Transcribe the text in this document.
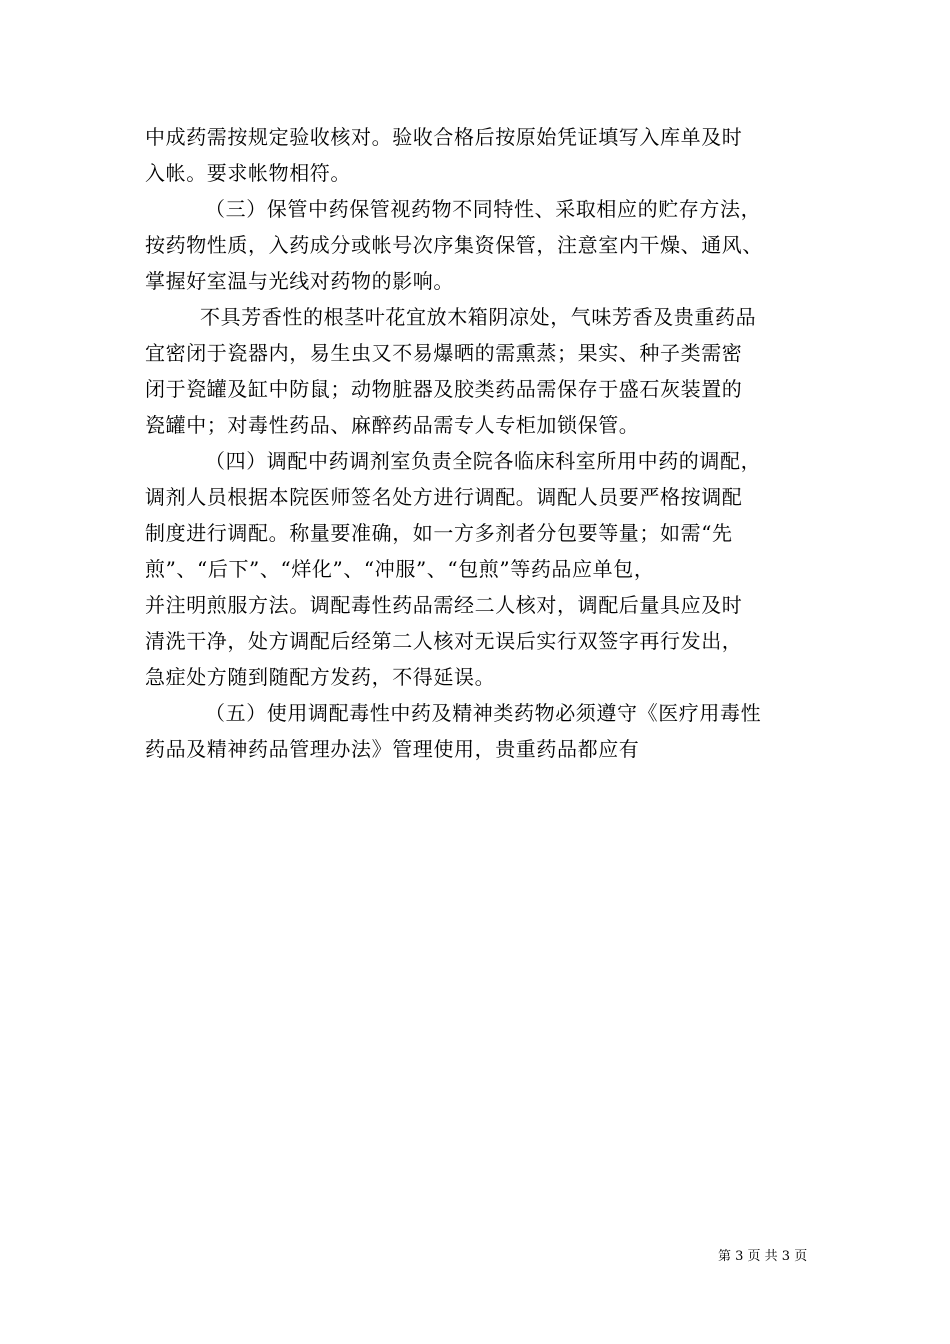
中成药需按规定验收核对。验收合格后按原始凭证填写入库单及时
入帐。要求帐物相符。
（三）保管中药保管视药物不同特性、采取相应的贮存方法，
按药物性质，入药成分或帐号次序集资保管，注意室内干燥、通风、
掌握好室温与光线对药物的影响。
不具芳香性的根茎叶花宜放木箱阴凉处，气味芳香及贵重药品
宜密闭于瓷器内，易生虫又不易爆晒的需熏蒸；果实、种子类需密
闭于瓷罐及缸中防鼠；动物脏器及胶类药品需保存于盛石灰装置的
瓷罐中；对毒性药品、麻醉药品需专人专柜加锁保管。
（四）调配中药调剂室负责全院各临床科室所用中药的调配，
调剂人员根据本院医师签名处方进行调配。调配人员要严格按调配
制度进行调配。称量要准确，如一方多剂者分包要等量；如需“先
煎”、“后下”、“烊化”、“冲服”、“包煎”等药品应单包，
并注明煎服方法。调配毒性药品需经二人核对，调配后量具应及时
清洗干净，处方调配后经第二人核对无误后实行双签字再行发出，
急症处方随到随配方发药，不得延误。
（五）使用调配毒性中药及精神类药物必须遵守《医疗用毒性
药品及精神药品管理办法》管理使用，贵重药品都应有
第 3 页 共 3 页
